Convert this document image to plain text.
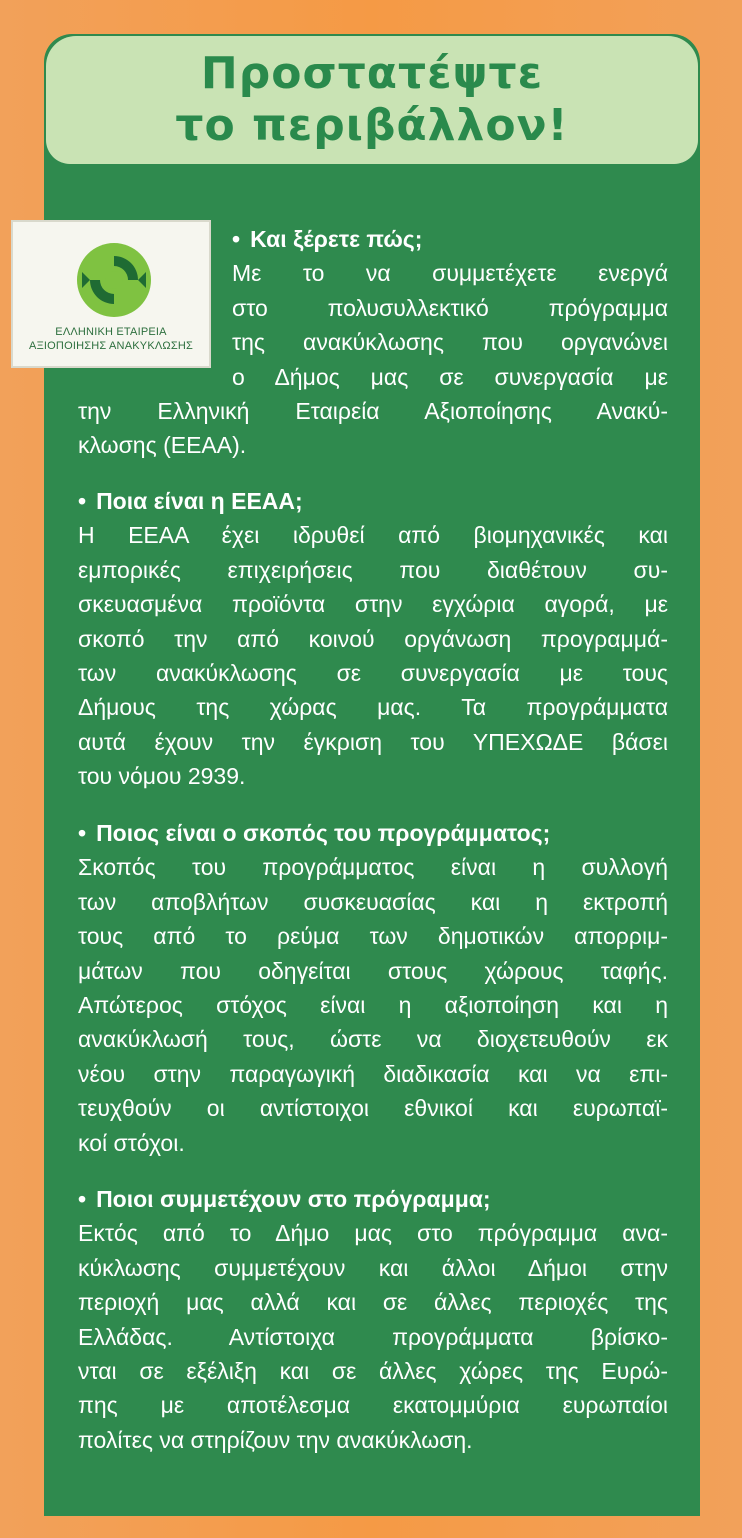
Προστατέψτε
το περιβάλλον!
ΕΛΛΗΝΙΚΗ ΕΤΑΙΡΕΙΑ
ΑΞΙΟΠΟΙΗΣΗΣ ΑΝΑΚΥΚΛΩΣΗΣ
• Και ξέρετε πώς;
Με το να συμμετέχετε ενεργά
στο πολυσυλλεκτικό πρόγραμμα
της ανακύκλωσης που οργανώνει
ο Δήμος μας σε συνεργασία με
την Ελληνική Εταιρεία Αξιοποίησης Ανακύ-
κλωσης (ΕΕΑΑ).
• Ποια είναι η ΕΕΑΑ;
Η ΕΕΑΑ έχει ιδρυθεί από βιομηχανικές και
εμπορικές επιχειρήσεις που διαθέτουν συ-
σκευασμένα προϊόντα στην εγχώρια αγορά, με
σκοπό την από κοινού οργάνωση προγραμμά-
των ανακύκλωσης σε συνεργασία με τους
Δήμους της χώρας μας. Τα προγράμματα
αυτά έχουν την έγκριση του ΥΠΕΧΩΔΕ βάσει
του νόμου 2939.
• Ποιος είναι ο σκοπός του προγράμματος;
Σκοπός του προγράμματος είναι η συλλογή
των αποβλήτων συσκευασίας και η εκτροπή
τους από το ρεύμα των δημοτικών απορριμ-
μάτων που οδηγείται στους χώρους ταφής.
Απώτερος στόχος είναι η αξιοποίηση και η
ανακύκλωσή τους, ώστε να διοχετευθούν εκ
νέου στην παραγωγική διαδικασία και να επι-
τευχθούν οι αντίστοιχοι εθνικοί και ευρωπαϊ-
κοί στόχοι.
• Ποιοι συμμετέχουν στο πρόγραμμα;
Εκτός από το Δήμο μας στο πρόγραμμα ανα-
κύκλωσης συμμετέχουν και άλλοι Δήμοι στην
περιοχή μας αλλά και σε άλλες περιοχές της
Ελλάδας. Αντίστοιχα προγράμματα βρίσκο-
νται σε εξέλιξη και σε άλλες χώρες της Ευρώ-
πης με αποτέλεσμα εκατομμύρια ευρωπαίοι
πολίτες να στηρίζουν την ανακύκλωση.
